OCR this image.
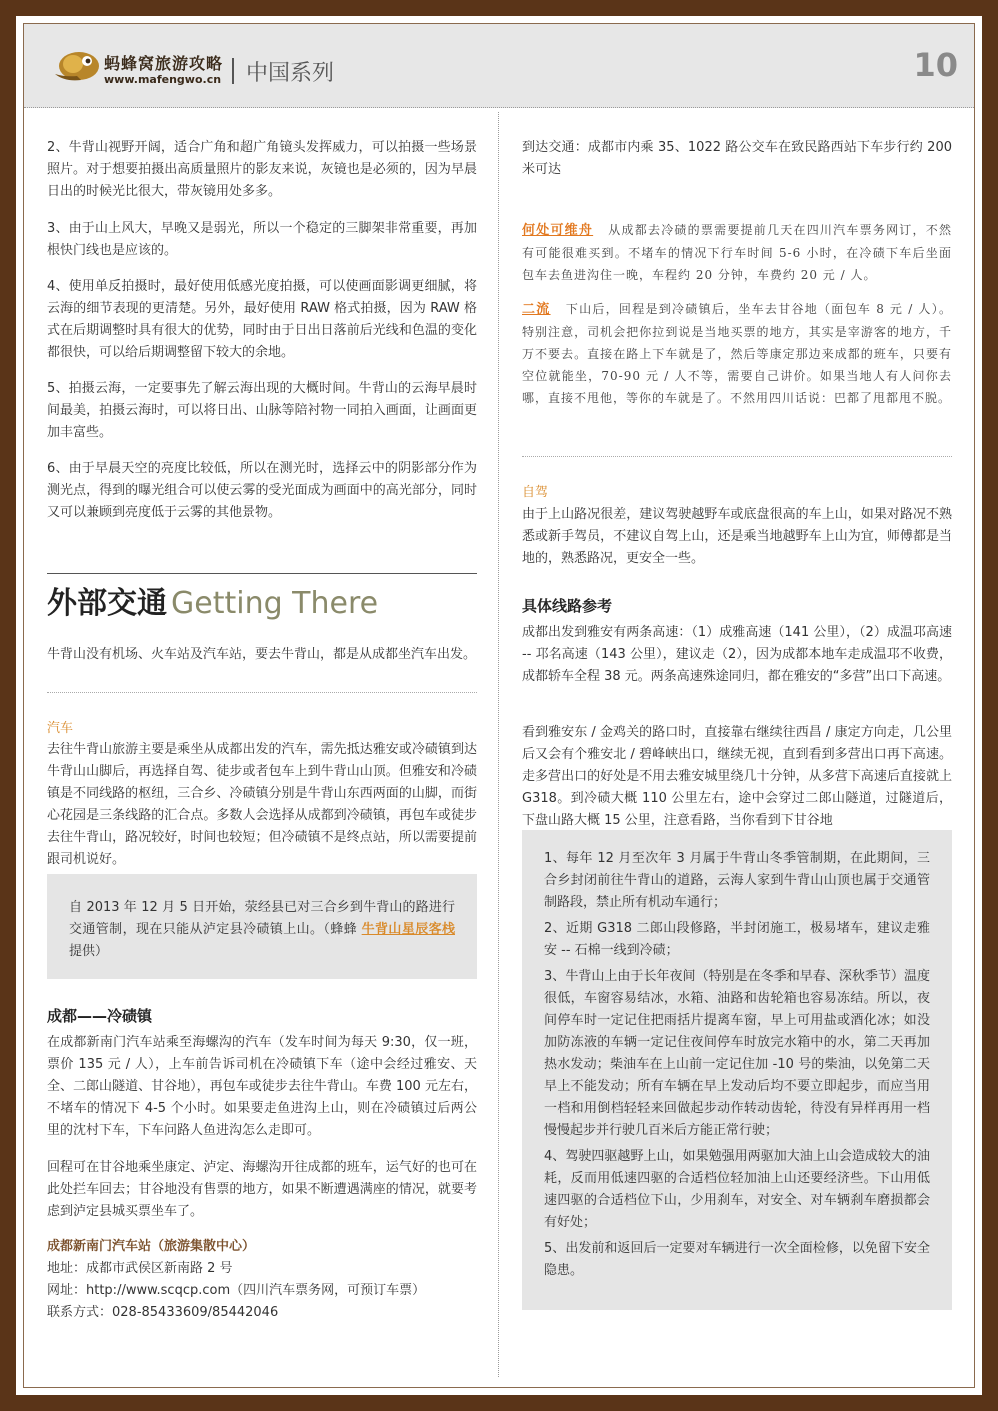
蚂蜂窝旅游攻略
www.mafengwo.cn 中国系列	10

2、牛背山视野开阔，适合广角和超广角镜头发挥威力，可以拍摄一些场景照片。对于想要拍摄出高质量照片的影友来说，灰镜也是必须的，因为早晨日出的时候光比很大，带灰镜用处多多。

3、由于山上风大，早晚又是弱光，所以一个稳定的三脚架非常重要，再加根快门线也是应该的。

4、使用单反拍摄时，最好使用低感光度拍摄，可以使画面影调更细腻，将云海的细节表现的更清楚。另外，最好使用 RAW 格式拍摄，因为 RAW 格式在后期调整时具有很大的优势，同时由于日出日落前后光线和色温的变化都很快，可以给后期调整留下较大的余地。

5、拍摄云海，一定要事先了解云海出现的大概时间。牛背山的云海早晨时间最美，拍摄云海时，可以将日出、山脉等陪衬物一同拍入画面，让画面更加丰富些。

6、由于早晨天空的亮度比较低，所以在测光时，选择云中的阴影部分作为测光点，得到的曝光组合可以使云雾的受光面成为画面中的高光部分，同时又可以兼顾到亮度低于云雾的其他景物。

外部交通 Getting There

牛背山没有机场、火车站及汽车站，要去牛背山，都是从成都坐汽车出发。

汽车

去往牛背山旅游主要是乘坐从成都出发的汽车，需先抵达雅安或冷碛镇到达牛背山山脚后，再选择自驾、徒步或者包车上到牛背山山顶。但雅安和冷碛镇是不同线路的枢纽，三合乡、冷碛镇分别是牛背山东西两面的山脚，而街心花园是三条线路的汇合点。多数人会选择从成都到冷碛镇，再包车或徒步去往牛背山，路况较好，时间也较短；但冷碛镇不是终点站，所以需要提前跟司机说好。

自 2013 年 12 月 5 日开始，荥经县已对三合乡到牛背山的路进行交通管制，现在只能从泸定县冷碛镇上山。（蜂蜂 牛背山星辰客栈 提供）

成都——冷碛镇

在成都新南门汽车站乘至海螺沟的汽车（发车时间为每天 9:30，仅一班，票价 135 元 / 人），上车前告诉司机在冷碛镇下车（途中会经过雅安、天全、二郎山隧道、甘谷地），再包车或徒步去往牛背山。车费 100 元左右，不堵车的情况下 4-5 个小时。如果要走鱼进沟上山，则在冷碛镇过后两公里的沈村下车，下车问路人鱼进沟怎么走即可。

回程可在甘谷地乘坐康定、泸定、海螺沟开往成都的班车，运气好的也可在此处拦车回去；甘谷地没有售票的地方，如果不断遭遇满座的情况，就要考虑到泸定县城买票坐车了。

成都新南门汽车站（旅游集散中心）

地址：成都市武侯区新南路 2 号

网址：http://www.scqcp.com（四川汽车票务网，可预订车票）

联系方式：028-85433609/85442046

到达交通：成都市内乘 35、1022 路公交车在致民路西站下车步行约 200 米可达

何处可维舟 从成都去冷碛的票需要提前几天在四川汽车票务网订，不然有可能很难买到。不堵车的情况下行车时间 5-6 小时，在冷碛下车后坐面包车去鱼进沟住一晚，车程约 20 分钟，车费约 20 元 / 人。

二流 下山后，回程是到冷碛镇后，坐车去甘谷地（面包车 8 元 / 人）。特别注意，司机会把你拉到说是当地买票的地方，其实是宰游客的地方，千万不要去。直接在路上下车就是了，然后等康定那边来成都的班车，只要有空位就能坐，70-90 元 / 人不等，需要自己讲价。如果当地人有人问你去哪，直接不甩他，等你的车就是了。不然用四川话说：巴都了甩都甩不脱。

自驾

由于上山路况很差，建议驾驶越野车或底盘很高的车上山，如果对路况不熟悉或新手驾员，不建议自驾上山，还是乘当地越野车上山为宜，师傅都是当地的，熟悉路况，更安全一些。

具体线路参考

成都出发到雅安有两条高速：（1）成雅高速（141 公里），（2）成温邛高速 -- 邛名高速（143 公里），建议走（2），因为成都本地车走成温邛不收费，成都轿车全程 38 元。两条高速殊途同归，都在雅安的“多营”出口下高速。

看到雅安东 / 金鸡关的路口时，直接靠右继续往西昌 / 康定方向走，几公里后又会有个雅安北 / 碧峰峡出口，继续无视，直到看到多营出口再下高速。走多营出口的好处是不用去雅安城里绕几十分钟，从多营下高速后直接就上 G318。到冷碛大概 110 公里左右，途中会穿过二郎山隧道，过隧道后，下盘山路大概 15 公里，注意看路，当你看到下甘谷地

1、每年 12 月至次年 3 月属于牛背山冬季管制期，在此期间，三合乡封闭前往牛背山的道路，云海人家到牛背山山顶也属于交通管制路段，禁止所有机动车通行；

2、近期 G318 二郎山段修路，半封闭施工，极易堵车，建议走雅安 -- 石棉一线到冷碛；

3、牛背山上由于长年夜间（特别是在冬季和早春、深秋季节）温度很低，车窗容易结冰，水箱、油路和齿轮箱也容易冻结。所以，夜间停车时一定记住把雨括片提离车窗，早上可用盐或酒化冰；如没加防冻液的车辆一定记住夜间停车时放完水箱中的水，第二天再加热水发动；柴油车在上山前一定记住加 -10 号的柴油，以免第二天早上不能发动；所有车辆在早上发动后均不要立即起步，而应当用一档和用倒档轻轻来回做起步动作转动齿轮，待没有异样再用一档慢慢起步并行驶几百米后方能正常行驶；

4、驾驶四驱越野上山，如果勉强用两驱加大油上山会造成较大的油耗，反而用低速四驱的合适档位轻加油上山还要经济些。下山用低速四驱的合适档位下山，少用刹车，对安全、对车辆刹车磨损都会有好处；

5、出发前和返回后一定要对车辆进行一次全面检修，以免留下安全隐患。
